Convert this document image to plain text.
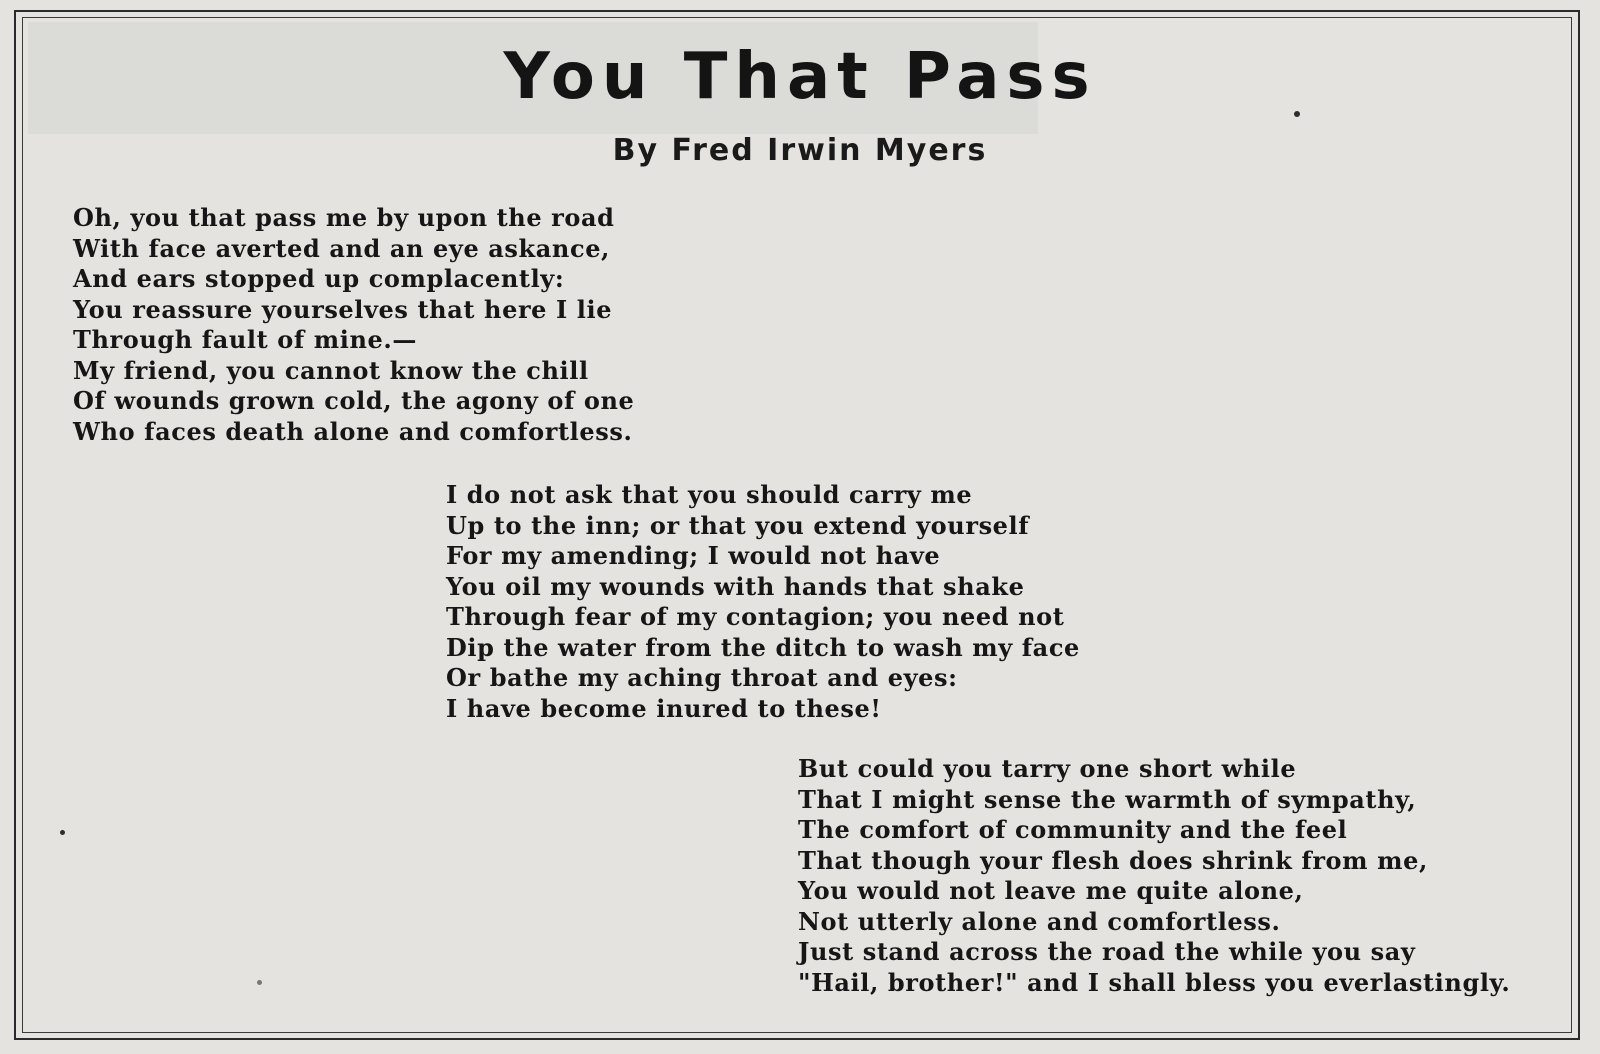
You That Pass
By Fred Irwin Myers
Oh, you that pass me by upon the road
With face averted and an eye askance,
And ears stopped up complacently:
You reassure yourselves that here I lie
Through fault of mine.—
My friend, you cannot know the chill
Of wounds grown cold, the agony of one
Who faces death alone and comfortless.
I do not ask that you should carry me
Up to the inn; or that you extend yourself
For my amending; I would not have
You oil my wounds with hands that shake
Through fear of my contagion; you need not
Dip the water from the ditch to wash my face
Or bathe my aching throat and eyes:
I have become inured to these!
But could you tarry one short while
That I might sense the warmth of sympathy,
The comfort of community and the feel
That though your flesh does shrink from me,
You would not leave me quite alone,
Not utterly alone and comfortless.
Just stand across the road the while you say
"Hail, brother!" and I shall bless you everlastingly.
